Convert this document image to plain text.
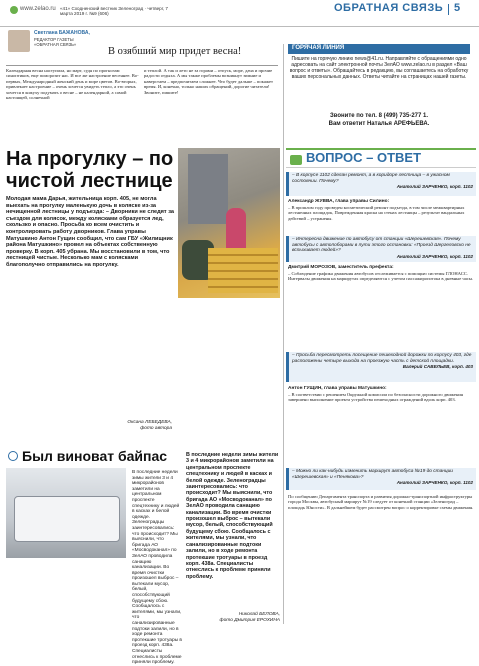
www.zelao.ru «41» Сходненский вестник Зеленоград · четверг, 7 марта 2019 г. №9 (606)	ОБРАТНАЯ СВЯЗЬ 5
Светлана БАЖАНОВА,
РЕДАКТОР ГАЗЕТЫ «ОБРАТНАЯ СВЯЗЬ»
В озябший мир придет весна!
Календарная весна наступила, но март, судя по прогнозам синоптиков, еще поморозит нас. И все же настроение весеннее. Во-первых, Международный женский день и море цветов. Во-вторых, привлекает настроение – очень хочется увидеть тепло, а это очень хочется в кожуху подумать о весне – не календарной, а самой настоящей, солнечной
и теплой. А так и лето не за горами – отпуск, море, дача и прочие радости отдыха. А мы также проблемы возникнут зимние и наверстаем – предпочитаем сложнее. Что будет дальше – покажет время. И, конечно, только наших обращений, дорогие читатели! Звоните, пишите!
ГОРЯЧАЯ ЛИНИЯ
Пишите на горячую линию news@41.ru. Направляйте с обращениями одно адресовать на сайт электронной почты ЗелАО www.zelao.ru в раздел «Ваш вопрос и ответы». Обращайтесь в редакцию, вы соглашаетесь на обработку ваших персональных данных. Ответы читайте на страницах нашей газеты.
Звоните по тел. 8 (499) 735-277 1.
Вам ответит Наталья АРЕФЬЕВА.
На прогулку – по чистой лестнице
Молодая мама Дарья, жительница корп. 405, не могла выехать на прогулку маленькую дочь в коляске из-за нечищенной лестницы у подъезда: – Дворники не следят за съездом для колясок, между колясками образуется лед, скользко и опасно. Просьба ко всем очистить и контролировать работу дворников. Глава управы Матушкино Антон Гущин сообщил, что сам ГБУ «Жилищник района Матушкино» провел на объектах собственную проверку. В корп. 405 убрана. Мы восстановили в том, что лестницей чистые. Несколько мам с колясками благополучно отправились на прогулку.
Оксана ЛЕБЕДЕВА,
фото автора
Был виноват байпас
В последние недели зимы жители 3 и 4 микрорайонов заметили на центральном проспекте спецтехнику и людей в касках и белой одежде. Зеленоградцы заинтересовались: что происходит? Мы выяснили, что бригада АО «Мосводоканал» по ЗелАО проводила санацию канализации. Во время очистки произошел выброс – вытекали мусор, белый, способствующий будущему сбою. Сообщалось с жителями, мы узнали, что санализированные подтоки залили, но в ходе ремонта протекшие тротуары в проезд корп. 438а. Специалисты отнеслись к проблеме приняли проблему.
В последние недели зимы жители 3 и 4 микрорайонов заметили на центральном проспекте спецтехнику и людей в касках и белой одежде. Зеленоградцы заинтересовались: что происходит? Мы выяснили, что бригада АО «Мосводоканал» по ЗелАО проводила санацию канализации. Во время очистки произошел выброс – вытекали мусор, белый, способствующий будущему сбою. Сообщалось с жителями, мы узнали, что санализированные подтоки залили, но в ходе ремонта протекшие тротуары в проезд корп. 438а. Специалисты отнеслись к проблеме приняли проблему.
Николай БЕЛОВА,
фото Дмитрия ЕРОХИНА
ВОПРОС – ОТВЕТ
– В корпусе 1102 сделан ремонт, а в коридоре лестница – в ужасном состоянии. Почему?
Анатолий ЗАРЧЕНКО, корп. 1102
Александр ЖУВВА, глава управы Силино:
– В прошлом году проведен косметический ремонт подъезда, в том числе межквартирных лестничных площадок, Поврежденная краска на стенах лестницы – результат вандальных действий – устранены.
– Интересна движение по автобусу от станции «Шерешевская». Почему автобусы с автопоборами в пути этого остановки: «Проезд Шергеловско не вспыхивает людей»?
Анатолий ЗАРЧЕНКО, корп. 1102
Дмитрий МОРОЗОВ, заместитель префекта:
– Соблюдение графика движения автобусов отслеживается с помощью системы ГЛОНАСС. Интервалы движения на маршрутах определяются с учетом пассажиропотока в дневные часы.
– Просьба пересмотреть посещение пешеходной дорожки по корпусу 403, где расположены четыре выхода на проезжую часть с детской площадки.
Валерий САВЕЛЬЕВ, корп. 403
Антон ГУЩИН, глава управы Матушкино:
– В соответствии с решением Окружной комиссии по безопасности дорожного движения завершено выполнение проекта устройства пешеходных ограждений вдоль корп. 403.
– Можно ли как-нибудь изменить маршрут автобуса №19 до станции «Шерешевская» и «Пенякова»?
Анатолий ЗАРЧЕНКО, корп. 1102
По сообщению Департамента транспорта и развития дорожно-транспортной инфраструктуры города Москвы, автобусный маршрут №19 следует от конечной станции «Зеленоград – площадь Юности». В дальнейшем будет рассмотрен вопрос о корректировке схемы движения.
